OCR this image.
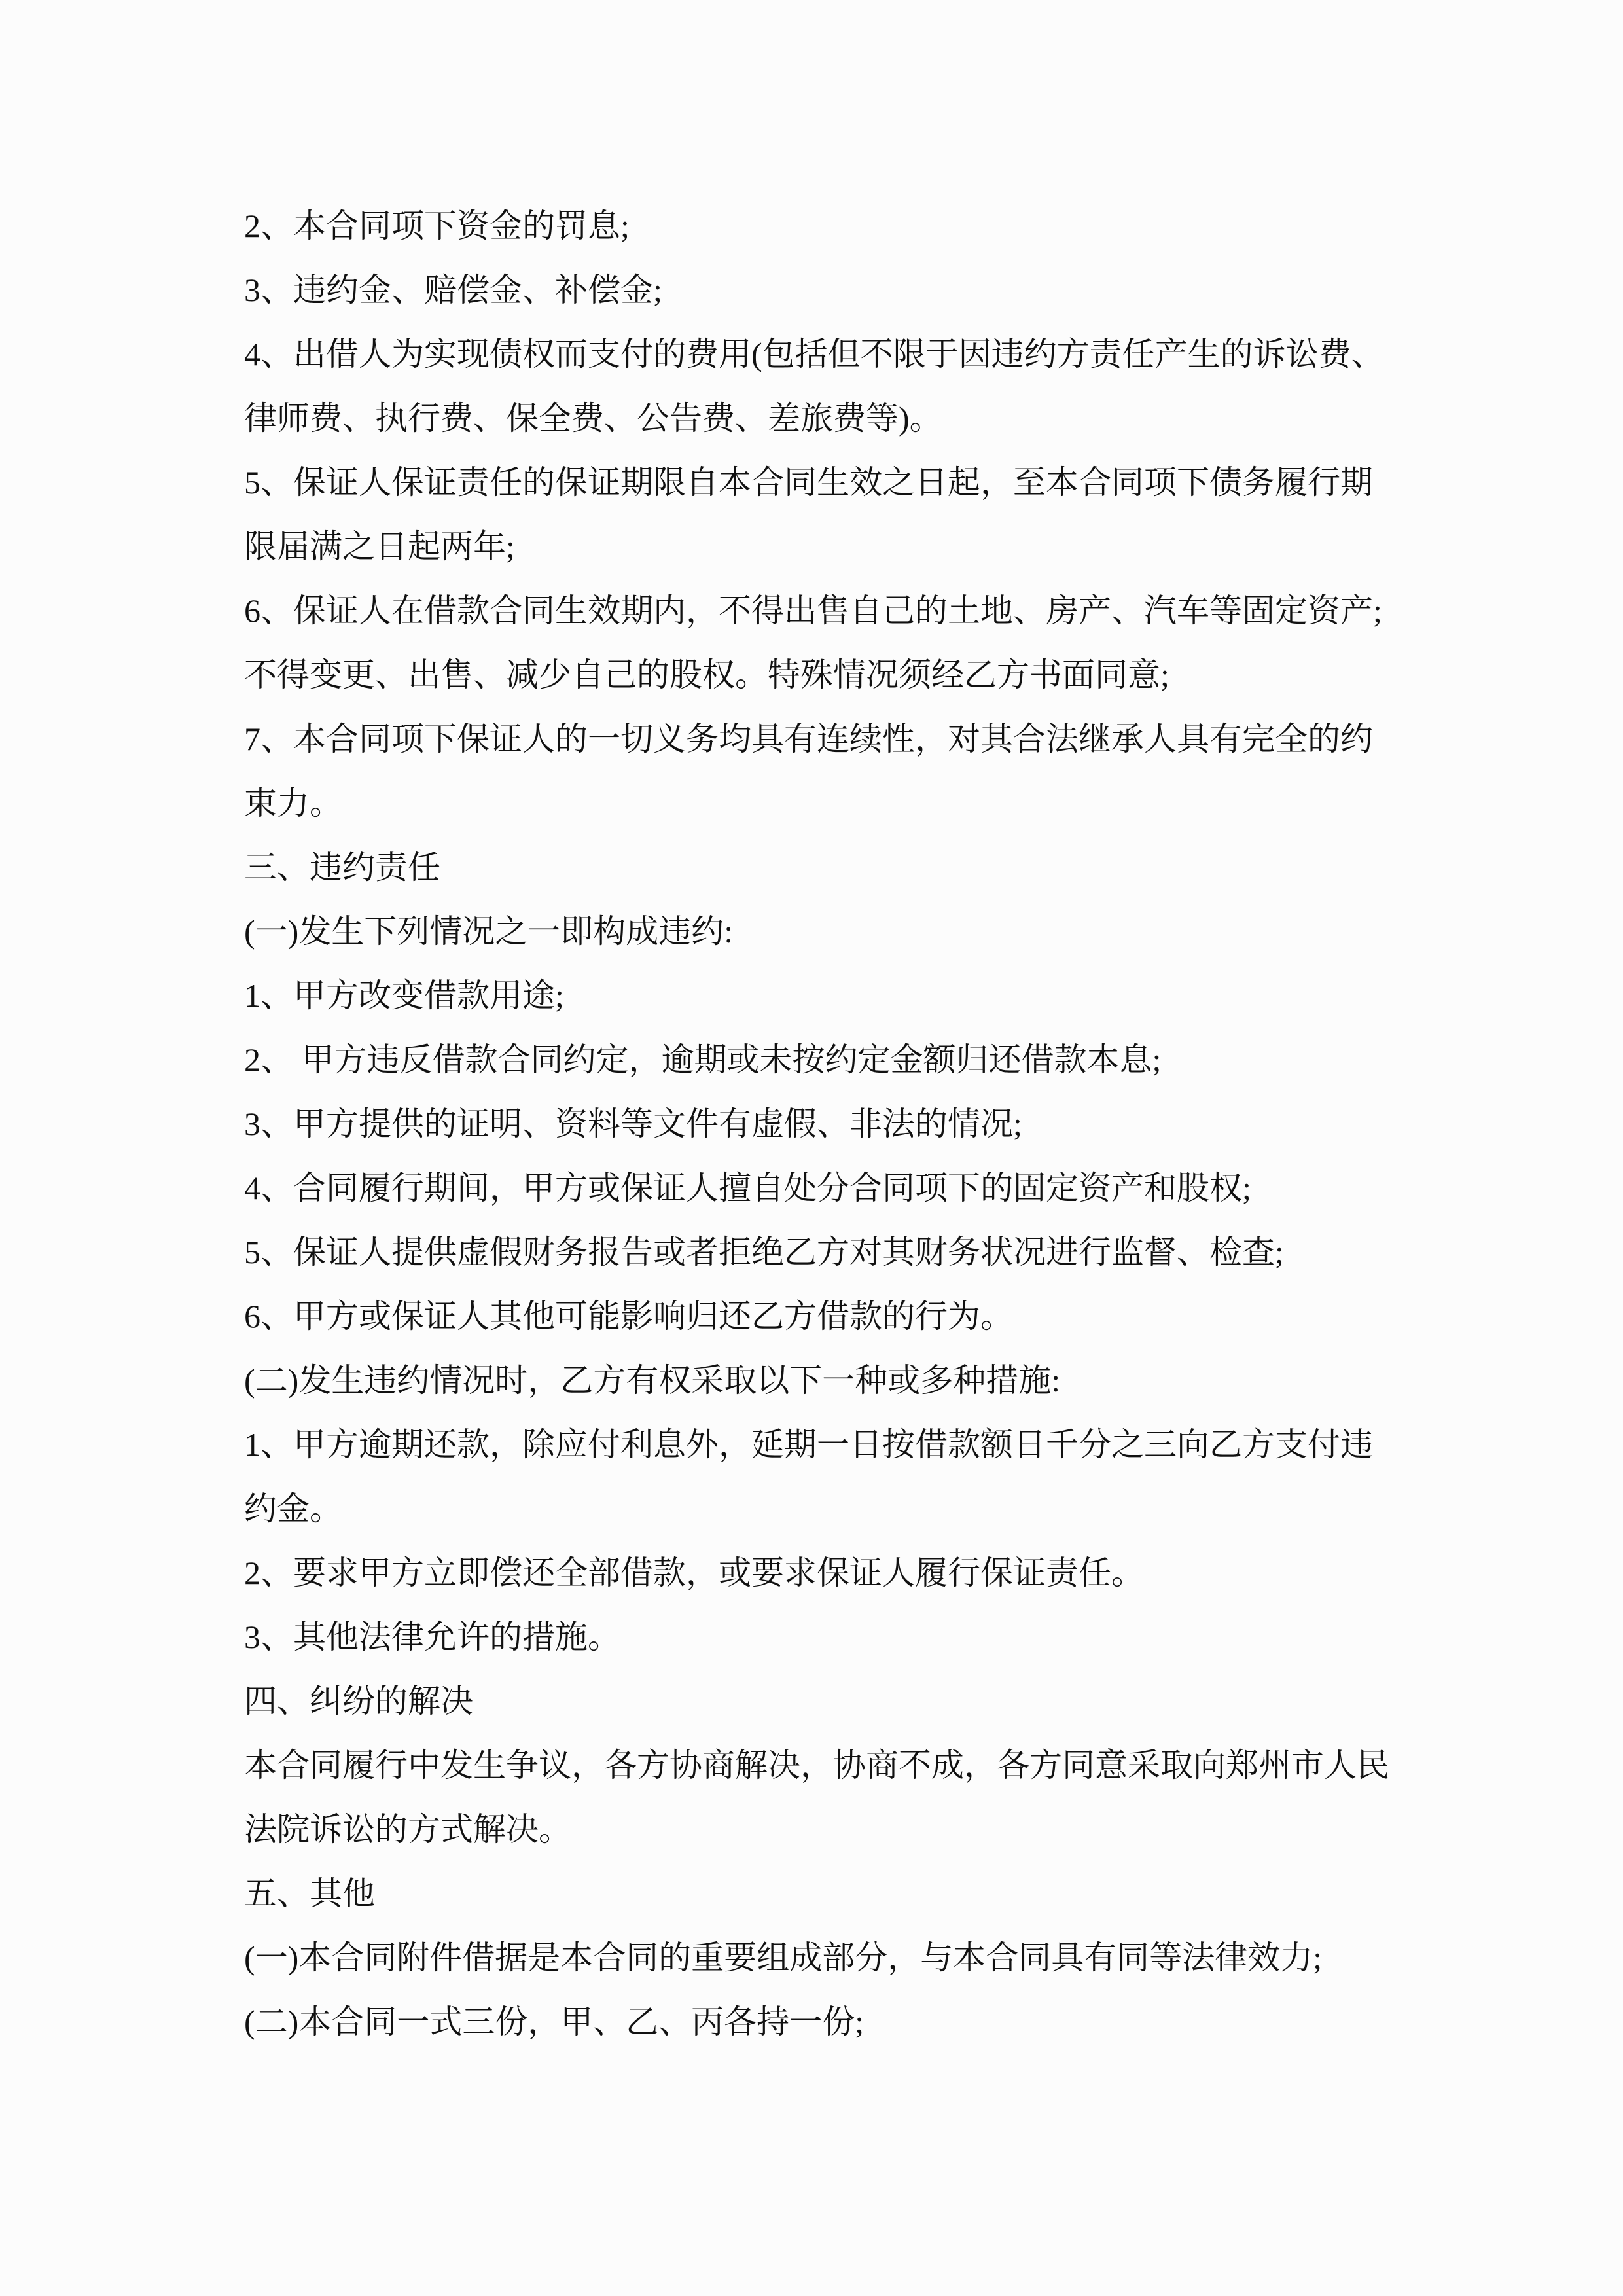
2、本合同项下资金的罚息;

3、违约金、赔偿金、补偿金;

4、出借人为实现债权而支付的费用(包括但不限于因违约方责任产生的诉讼费、

律师费、执行费、保全费、公告费、差旅费等)。

5、保证人保证责任的保证期限自本合同生效之日起，至本合同项下债务履行期

限届满之日起两年;

6、保证人在借款合同生效期内，不得出售自己的土地、房产、汽车等固定资产;

不得变更、出售、减少自己的股权。特殊情况须经乙方书面同意;

7、本合同项下保证人的一切义务均具有连续性，对其合法继承人具有完全的约

束力。

三、违约责任

(一)发生下列情况之一即构成违约:

1、甲方改变借款用途;

2、 甲方违反借款合同约定，逾期或未按约定金额归还借款本息;

3、甲方提供的证明、资料等文件有虚假、非法的情况;

4、合同履行期间，甲方或保证人擅自处分合同项下的固定资产和股权;

5、保证人提供虚假财务报告或者拒绝乙方对其财务状况进行监督、检查;

6、甲方或保证人其他可能影响归还乙方借款的行为。

(二)发生违约情况时，乙方有权采取以下一种或多种措施:

1、甲方逾期还款，除应付利息外，延期一日按借款额日千分之三向乙方支付违

约金。

2、要求甲方立即偿还全部借款，或要求保证人履行保证责任。

3、其他法律允许的措施。

四、纠纷的解决

本合同履行中发生争议，各方协商解决，协商不成，各方同意采取向郑州市人民

法院诉讼的方式解决。

五、其他

(一)本合同附件借据是本合同的重要组成部分，与本合同具有同等法律效力;

(二)本合同一式三份，甲、乙、丙各持一份;
